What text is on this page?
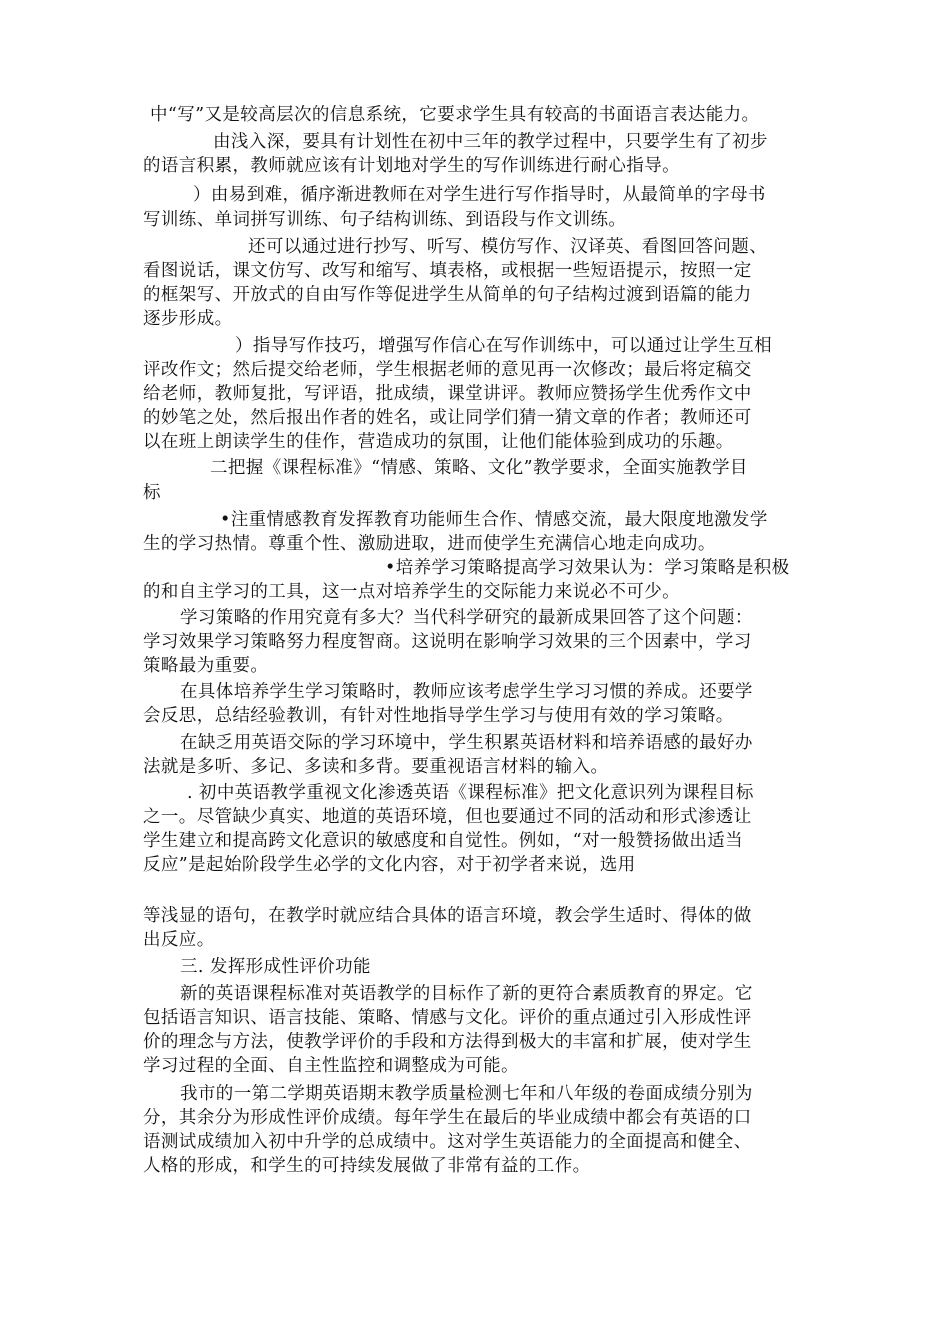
中“写”又是较高层次的信息系统，它要求学生具有较高的书面语言表达能力。
由浅入深，要具有计划性在初中三年的教学过程中，只要学生有了初步
的语言积累，教师就应该有计划地对学生的写作训练进行耐心指导。
）由易到难，循序渐进教师在对学生进行写作指导时，从最简单的字母书
写训练、单词拼写训练、句子结构训练、到语段与作文训练。
还可以通过进行抄写、听写、模仿写作、汉译英、看图回答问题、
看图说话，课文仿写、改写和缩写、填表格，或根据一些短语提示，按照一定
的框架写、开放式的自由写作等促进学生从简单的句子结构过渡到语篇的能力
逐步形成。
）指导写作技巧，增强写作信心在写作训练中，可以通过让学生互相
评改作文；然后提交给老师，学生根据老师的意见再一次修改；最后将定稿交
给老师，教师复批，写评语，批成绩，课堂讲评。教师应赞扬学生优秀作文中
的妙笔之处，然后报出作者的姓名，或让同学们猜一猜文章的作者；教师还可
以在班上朗读学生的佳作，营造成功的氛围，让他们能体验到成功的乐趣。
二把握《课程标准》“情感、策略、文化”教学要求，全面实施教学目
标
•注重情感教育发挥教育功能师生合作、情感交流，最大限度地激发学
生的学习热情。尊重个性、激励进取，进而使学生充满信心地走向成功。
•培养学习策略提高学习效果认为：学习策略是积极
的和自主学习的工具，这一点对培养学生的交际能力来说必不可少。
学习策略的作用究竟有多大？当代科学研究的最新成果回答了这个问题：
学习效果学习策略努力程度智商。这说明在影响学习效果的三个因素中，学习
策略最为重要。
在具体培养学生学习策略时，教师应该考虑学生学习习惯的养成。还要学
会反思，总结经验教训，有针对性地指导学生学习与使用有效的学习策略。
在缺乏用英语交际的学习环境中，学生积累英语材料和培养语感的最好办
法就是多听、多记、多读和多背。要重视语言材料的输入。
. 初中英语教学重视文化渗透英语《课程标准》把文化意识列为课程目标
之一。尽管缺少真实、地道的英语环境，但也要通过不同的活动和形式渗透让
学生建立和提高跨文化意识的敏感度和自觉性。例如，“对一般赞扬做出适当
反应”是起始阶段学生必学的文化内容，对于初学者来说，选用
等浅显的语句，在教学时就应结合具体的语言环境，教会学生适时、得体的做
出反应。
三. 发挥形成性评价功能
新的英语课程标准对英语教学的目标作了新的更符合素质教育的界定。它
包括语言知识、语言技能、策略、情感与文化。评价的重点通过引入形成性评
价的理念与方法，使教学评价的手段和方法得到极大的丰富和扩展，使对学生
学习过程的全面、自主性监控和调整成为可能。
我市的一第二学期英语期末教学质量检测七年和八年级的卷面成绩分别为
分，其余分为形成性评价成绩。每年学生在最后的毕业成绩中都会有英语的口
语测试成绩加入初中升学的总成绩中。这对学生英语能力的全面提高和健全、
人格的形成，和学生的可持续发展做了非常有益的工作。
